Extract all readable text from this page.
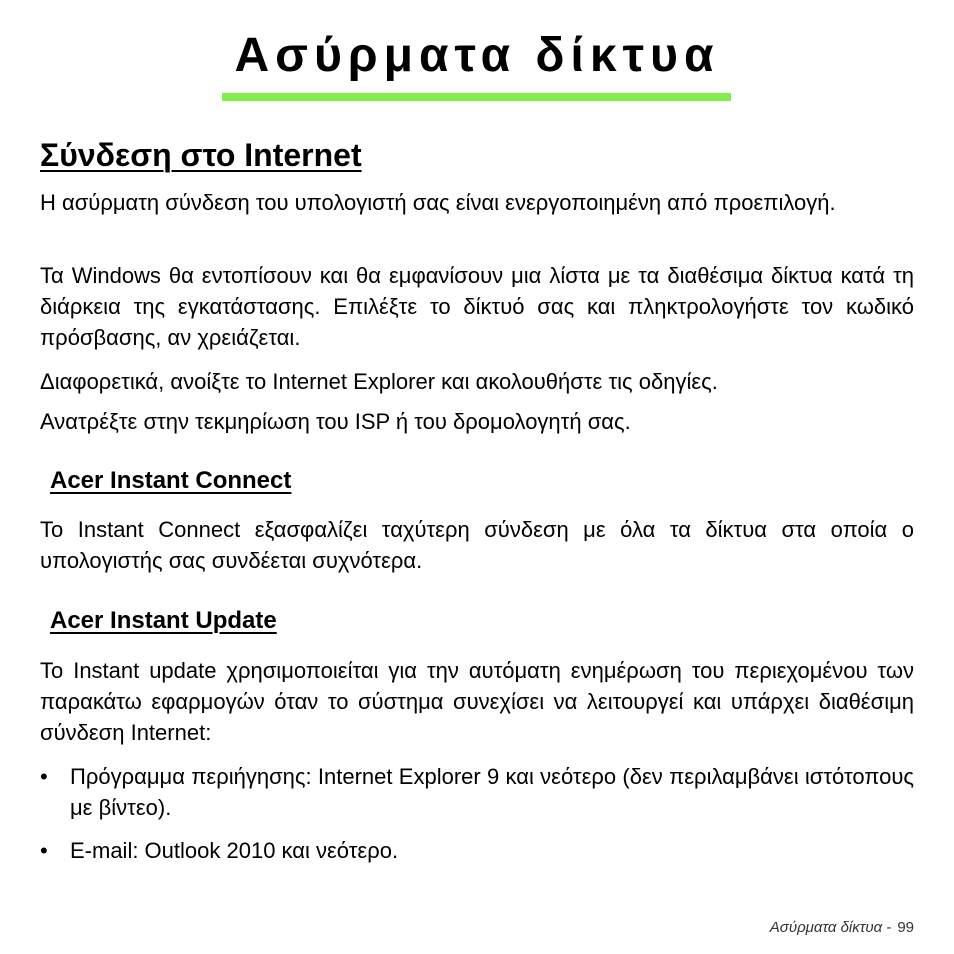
Ασύρματα δίκτυα
Σύνδεση στο Internet

Η ασύρματη σύνδεση του υπολογιστή σας είναι ενεργοποιημένη από προεπιλογή.

Τα Windows θα εντοπίσουν και θα εμφανίσουν μια λίστα με τα διαθέσιμα δίκτυα κατά τη διάρκεια της εγκατάστασης. Επιλέξτε το δίκτυό σας και πληκτρολογήστε τον κωδικό πρόσβασης, αν χρειάζεται.

Διαφορετικά, ανοίξτε το Internet Explorer και ακολουθήστε τις οδηγίες.

Ανατρέξτε στην τεκμηρίωση του ISP ή του δρομολογητή σας.

Acer Instant Connect

Το Instant Connect εξασφαλίζει ταχύτερη σύνδεση με όλα τα δίκτυα στα οποία ο υπολογιστής σας συνδέεται συχνότερα.

Acer Instant Update

Το Instant update χρησιμοποιείται για την αυτόματη ενημέρωση του περιεχομένου των παρακάτω εφαρμογών όταν το σύστημα συνεχίσει να λειτουργεί και υπάρχει διαθέσιμη σύνδεση Internet:

•	Πρόγραμμα περιήγησης: Internet Explorer 9 και νεότερο (δεν περιλαμβάνει ιστότοπους με βίντεο).
•	E-mail: Outlook 2010 και νεότερο.
Ασύρματα δίκτυα - 99
